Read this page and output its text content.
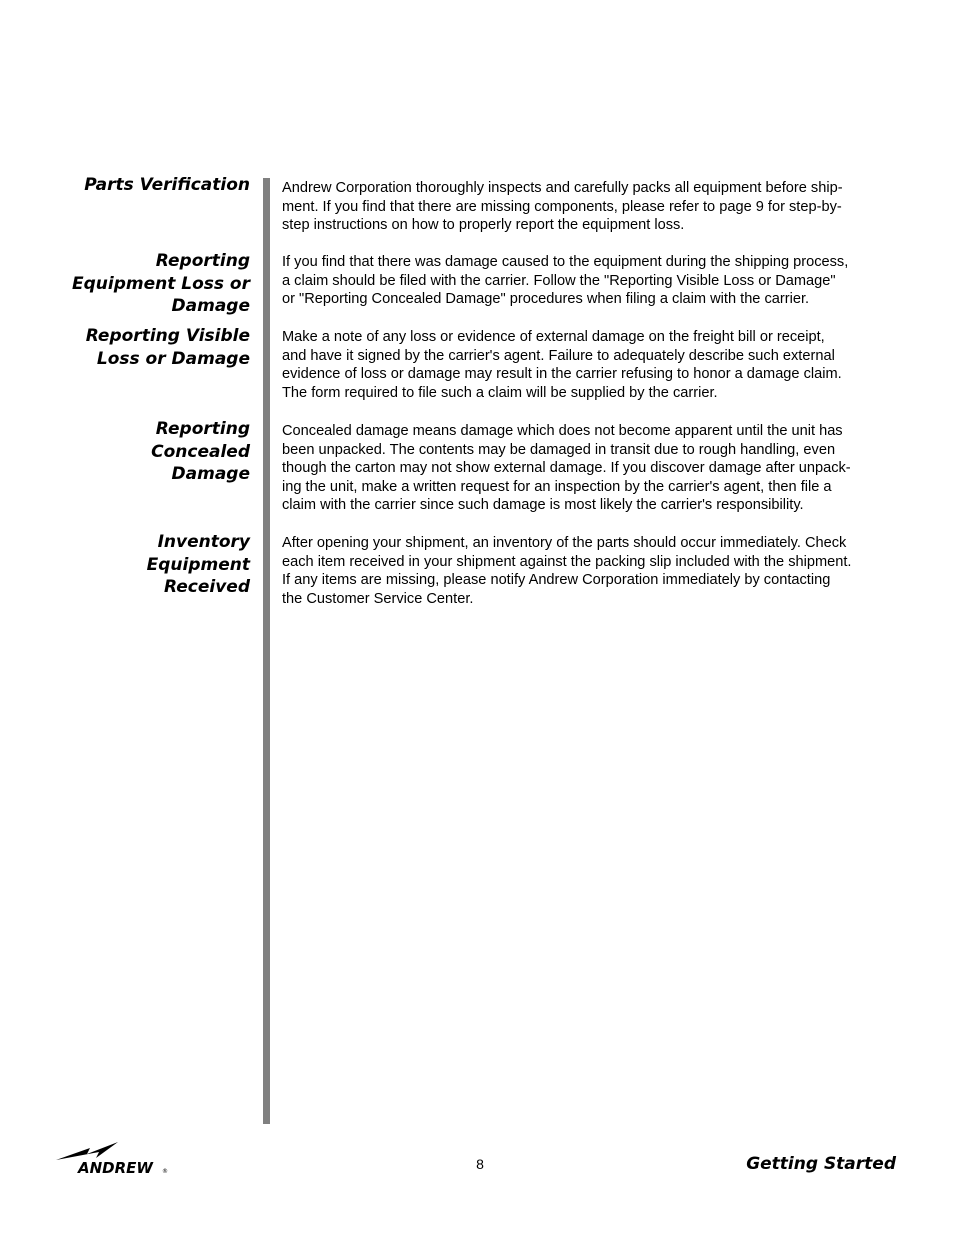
Parts Verification Andrew Corporation thoroughly inspects and carefully packs all equipment before ship-
ment. If you find that there are missing components, please refer to page 9 for step-by-
step instructions on how to properly report the equipment loss.

Reporting
Equipment Loss or
Damage

If you find that there was damage caused to the equipment during the shipping process,
a claim should be filed with the carrier. Follow the "Reporting Visible Loss or Damage"
or "Reporting Concealed Damage" procedures when filing a claim with the carrier.

Reporting Visible
Loss or Damage

Make a note of any loss or evidence of external damage on the freight bill or receipt,
and have it signed by the carrier's agent. Failure to adequately describe such external
evidence of loss or damage may result in the carrier refusing to honor a damage claim.
The form required to file such a claim will be supplied by the carrier.

Reporting
Concealed
Damage

Concealed damage means damage which does not become apparent until the unit has
been unpacked. The contents may be damaged in transit due to rough handling, even
though the carton may not show external damage. If you discover damage after unpack-
ing the unit, make a written request for an inspection by the carrier's agent, then file a
claim with the carrier since such damage is most likely the carrier's responsibility.

Inventory
Equipment
Received

After opening your shipment, an inventory of the parts should occur immediately. Check
each item received in your shipment against the packing slip included with the shipment.
If any items are missing, please notify Andrew Corporation immediately by contacting
the Customer Service Center.

ANDREW ®	8	Getting Started
